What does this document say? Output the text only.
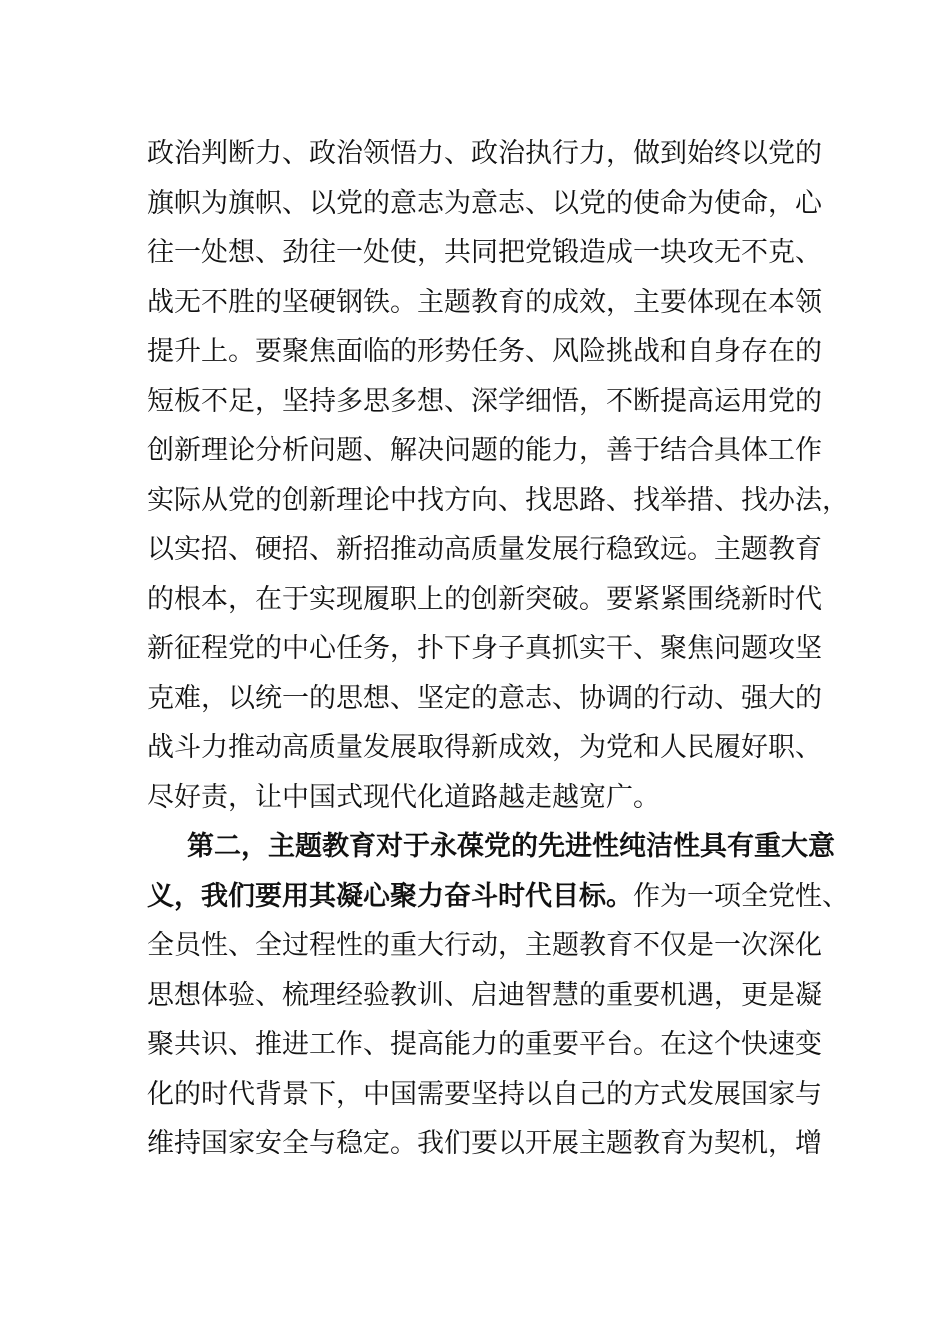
政治判断力、政治领悟力、政治执行力，做到始终以党的
旗帜为旗帜、以党的意志为意志、以党的使命为使命，心
往一处想、劲往一处使，共同把党锻造成一块攻无不克、
战无不胜的坚硬钢铁。主题教育的成效，主要体现在本领
提升上。要聚焦面临的形势任务、风险挑战和自身存在的
短板不足，坚持多思多想、深学细悟，不断提高运用党的
创新理论分析问题、解决问题的能力，善于结合具体工作
实际从党的创新理论中找方向、找思路、找举措、找办法，
以实招、硬招、新招推动高质量发展行稳致远。主题教育
的根本，在于实现履职上的创新突破。要紧紧围绕新时代
新征程党的中心任务，扑下身子真抓实干、聚焦问题攻坚
克难，以统一的思想、坚定的意志、协调的行动、强大的
战斗力推动高质量发展取得新成效，为党和人民履好职、
尽好责，让中国式现代化道路越走越宽广。
第二，主题教育对于永葆党的先进性纯洁性具有重大意
义，我们要用其凝心聚力奋斗时代目标。作为一项全党性、
全员性、全过程性的重大行动，主题教育不仅是一次深化
思想体验、梳理经验教训、启迪智慧的重要机遇，更是凝
聚共识、推进工作、提高能力的重要平台。在这个快速变
化的时代背景下，中国需要坚持以自己的方式发展国家与
维持国家安全与稳定。我们要以开展主题教育为契机，增
